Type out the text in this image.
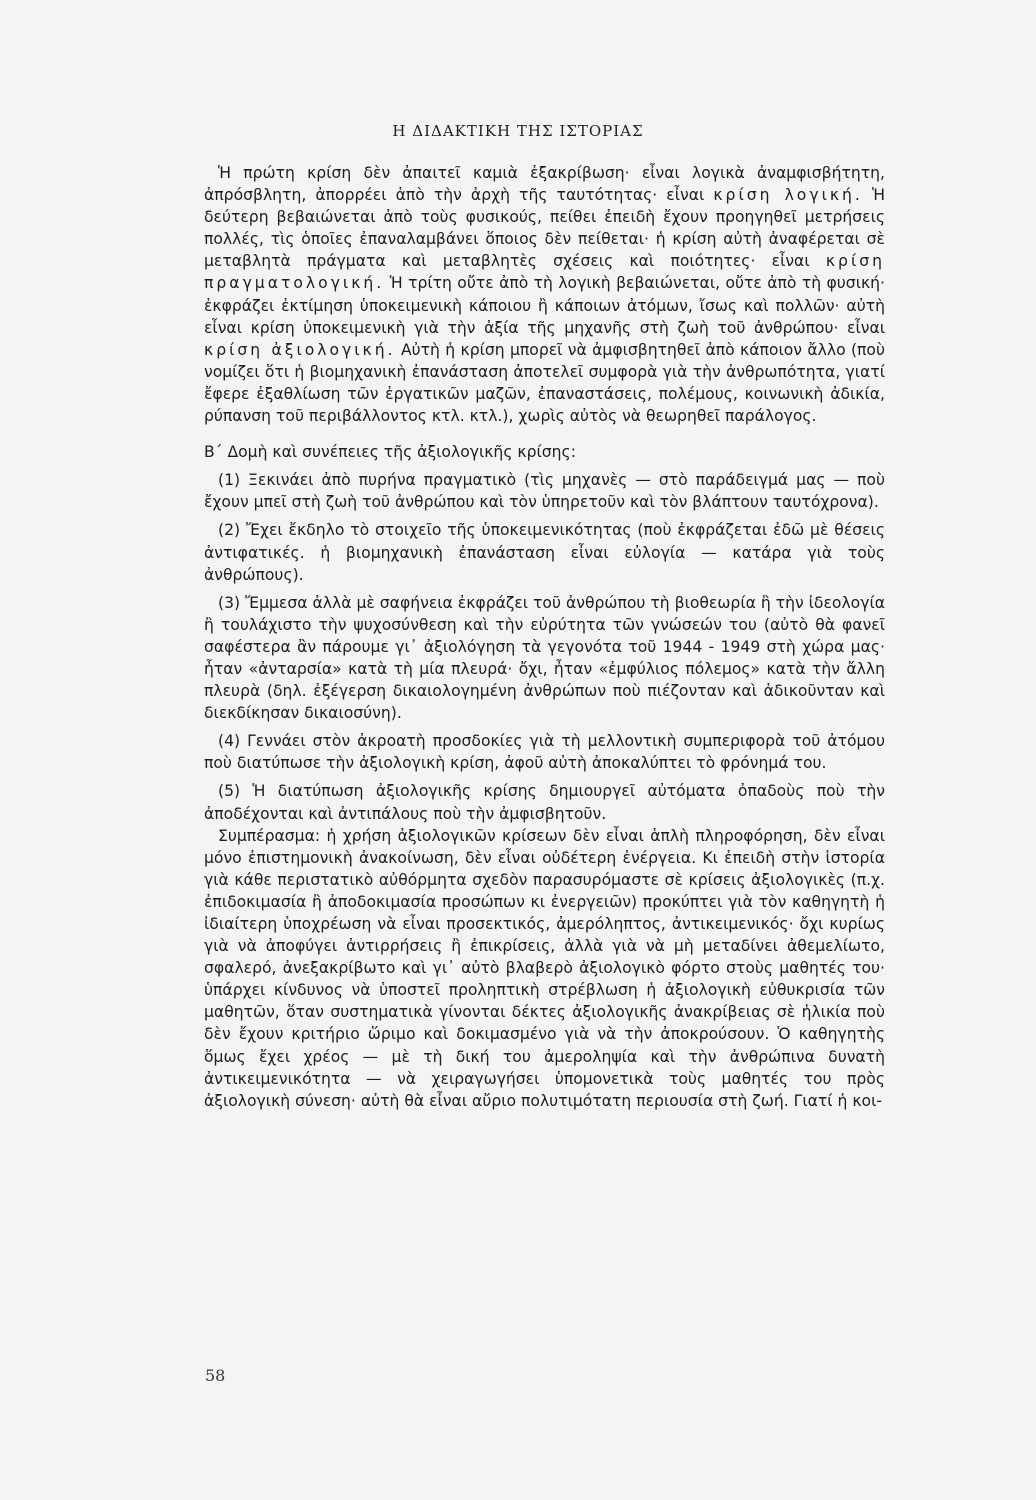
Η ΔΙΔΑΚΤΙΚΗ ΤΗΣ ΙΣΤΟΡΙΑΣ

Ἡ πρώτη κρίση δὲν ἀπαιτεῖ καμιὰ ἐξακρίβωση· εἶναι λογικὰ ἀναμφισβήτητη, ἀπρόσβλητη, ἀπορρέει ἀπὸ τὴν ἀρχὴ τῆς ταυτότητας· εἶναι κρίση λογική. Ἡ δεύτερη βεβαιώνεται ἀπὸ τοὺς φυσικούς, πείθει ἐπειδὴ ἔχουν προηγηθεῖ μετρήσεις πολλές, τὶς ὁποῖες ἐπαναλαμβάνει ὅποιος δὲν πείθεται· ἡ κρίση αὐτὴ ἀναφέρεται σὲ μεταβλητὰ πράγματα καὶ μεταβλητὲς σχέσεις καὶ ποιότητες· εἶναι κρίση πραγματολογική. Ἡ τρίτη οὔτε ἀπὸ τὴ λογικὴ βεβαιώνεται, οὔτε ἀπὸ τὴ φυσική· ἐκφράζει ἐκτίμηση ὑποκειμενικὴ κάποιου ἢ κάποιων ἀτόμων, ἴσως καὶ πολλῶν· αὐτὴ εἶναι κρίση ὑποκειμενικὴ γιὰ τὴν ἀξία τῆς μηχανῆς στὴ ζωὴ τοῦ ἀνθρώπου· εἶναι κρίση ἀξιολογική. Αὐτὴ ἡ κρίση μπορεῖ νὰ ἀμφισβητηθεῖ ἀπὸ κάποιον ἄλλο (ποὺ νομίζει ὅτι ἡ βιομηχανικὴ ἐπανάσταση ἀποτελεῖ συμφορὰ γιὰ τὴν ἀνθρωπότητα, γιατί ἔφερε ἐξαθλίωση τῶν ἐργατικῶν μαζῶν, ἐπαναστάσεις, πολέμους, κοινωνικὴ ἀδικία, ρύπανση τοῦ περιβάλλοντος κτλ. κτλ.), χωρὶς αὐτὸς νὰ θεωρηθεῖ παράλογος.

Β΄ Δομὴ καὶ συνέπειες τῆς ἀξιολογικῆς κρίσης:

(1) Ξεκινάει ἀπὸ πυρήνα πραγματικὸ (τὶς μηχανὲς — στὸ παράδειγμά μας — ποὺ ἔχουν μπεῖ στὴ ζωὴ τοῦ ἀνθρώπου καὶ τὸν ὑπηρετοῦν καὶ τὸν βλάπτουν ταυτόχρονα).

(2) Ἔχει ἔκδηλο τὸ στοιχεῖο τῆς ὑποκειμενικότητας (ποὺ ἐκφράζεται ἐδῶ μὲ θέσεις ἀντιφατικές. ἡ βιομηχανικὴ ἐπανάσταση εἶναι εὐλογία — κατάρα γιὰ τοὺς ἀνθρώπους).

(3) Ἔμμεσα ἀλλὰ μὲ σαφήνεια ἐκφράζει τοῦ ἀνθρώπου τὴ βιοθεωρία ἢ τὴν ἰδεολογία ἢ τουλάχιστο τὴν ψυχοσύνθεση καὶ τὴν εὐρύτητα τῶν γνώσεών του (αὐτὸ θὰ φανεῖ σαφέστερα ἂν πάρουμε γι᾿ ἀξιολόγηση τὰ γεγονότα τοῦ 1944 - 1949 στὴ χώρα μας· ἦταν «ἀνταρσία» κατὰ τὴ μία πλευρά· ὄχι, ἦταν «ἐμφύλιος πόλεμος» κατὰ τὴν ἄλλη πλευρὰ (δηλ. ἐξέγερση δικαιολογημένη ἀνθρώπων ποὺ πιέζονταν καὶ ἀδικοῦνταν καὶ διεκδίκησαν δικαιοσύνη).

(4) Γεννάει στὸν ἀκροατὴ προσδοκίες γιὰ τὴ μελλοντικὴ συμπεριφορὰ τοῦ ἀτόμου ποὺ διατύπωσε τὴν ἀξιολογικὴ κρίση, ἀφοῦ αὐτὴ ἀποκαλύπτει τὸ φρόνημά του.

(5) Ἡ διατύπωση ἀξιολογικῆς κρίσης δημιουργεῖ αὐτόματα ὀπαδοὺς ποὺ τὴν ἀποδέχονται καὶ ἀντιπάλους ποὺ τὴν ἀμφισβητοῦν.

Συμπέρασμα: ἡ χρήση ἀξιολογικῶν κρίσεων δὲν εἶναι ἁπλὴ πληροφόρηση, δὲν εἶναι μόνο ἐπιστημονικὴ ἀνακοίνωση, δὲν εἶναι οὐδέτερη ἐνέργεια. Κι ἐπειδὴ στὴν ἱστορία γιὰ κάθε περιστατικὸ αὐθόρμητα σχεδὸν παρασυρόμαστε σὲ κρίσεις ἀξιολογικὲς (π.χ. ἐπιδοκιμασία ἢ ἀποδοκιμασία προσώπων κι ἐνεργειῶν) προκύπτει γιὰ τὸν καθηγητὴ ἡ ἰδιαίτερη ὑποχρέωση νὰ εἶναι προσεκτικός, ἀμερόληπτος, ἀντικειμενικός· ὄχι κυρίως γιὰ νὰ ἀποφύγει ἀντιρρήσεις ἢ ἐπικρίσεις, ἀλλὰ γιὰ νὰ μὴ μεταδίνει ἀθεμελίωτο, σφαλερό, ἀνεξακρίβωτο καὶ γι᾿ αὐτὸ βλαβερὸ ἀξιολογικὸ φόρτο στοὺς μαθητές του· ὑπάρχει κίνδυνος νὰ ὑποστεῖ προληπτικὴ στρέβλωση ἡ ἀξιολογικὴ εὐθυκρισία τῶν μαθητῶν, ὅταν συστηματικὰ γίνονται δέκτες ἀξιολογικῆς ἀνακρίβειας σὲ ἡλικία ποὺ δὲν ἔχουν κριτήριο ὥριμο καὶ δοκιμασμένο γιὰ νὰ τὴν ἀποκρούσουν. Ὁ καθηγητὴς ὅμως ἔχει χρέος — μὲ τὴ δική του ἀμεροληψία καὶ τὴν ἀνθρώπινα δυνατὴ ἀντικειμενικότητα — νὰ χειραγωγήσει ὑπομονετικὰ τοὺς μαθητές του πρὸς ἀξιολογικὴ σύνεση· αὐτὴ θὰ εἶναι αὔριο πολυτιμότατη περιουσία στὴ ζωή. Γιατί ἡ κοι-

58
